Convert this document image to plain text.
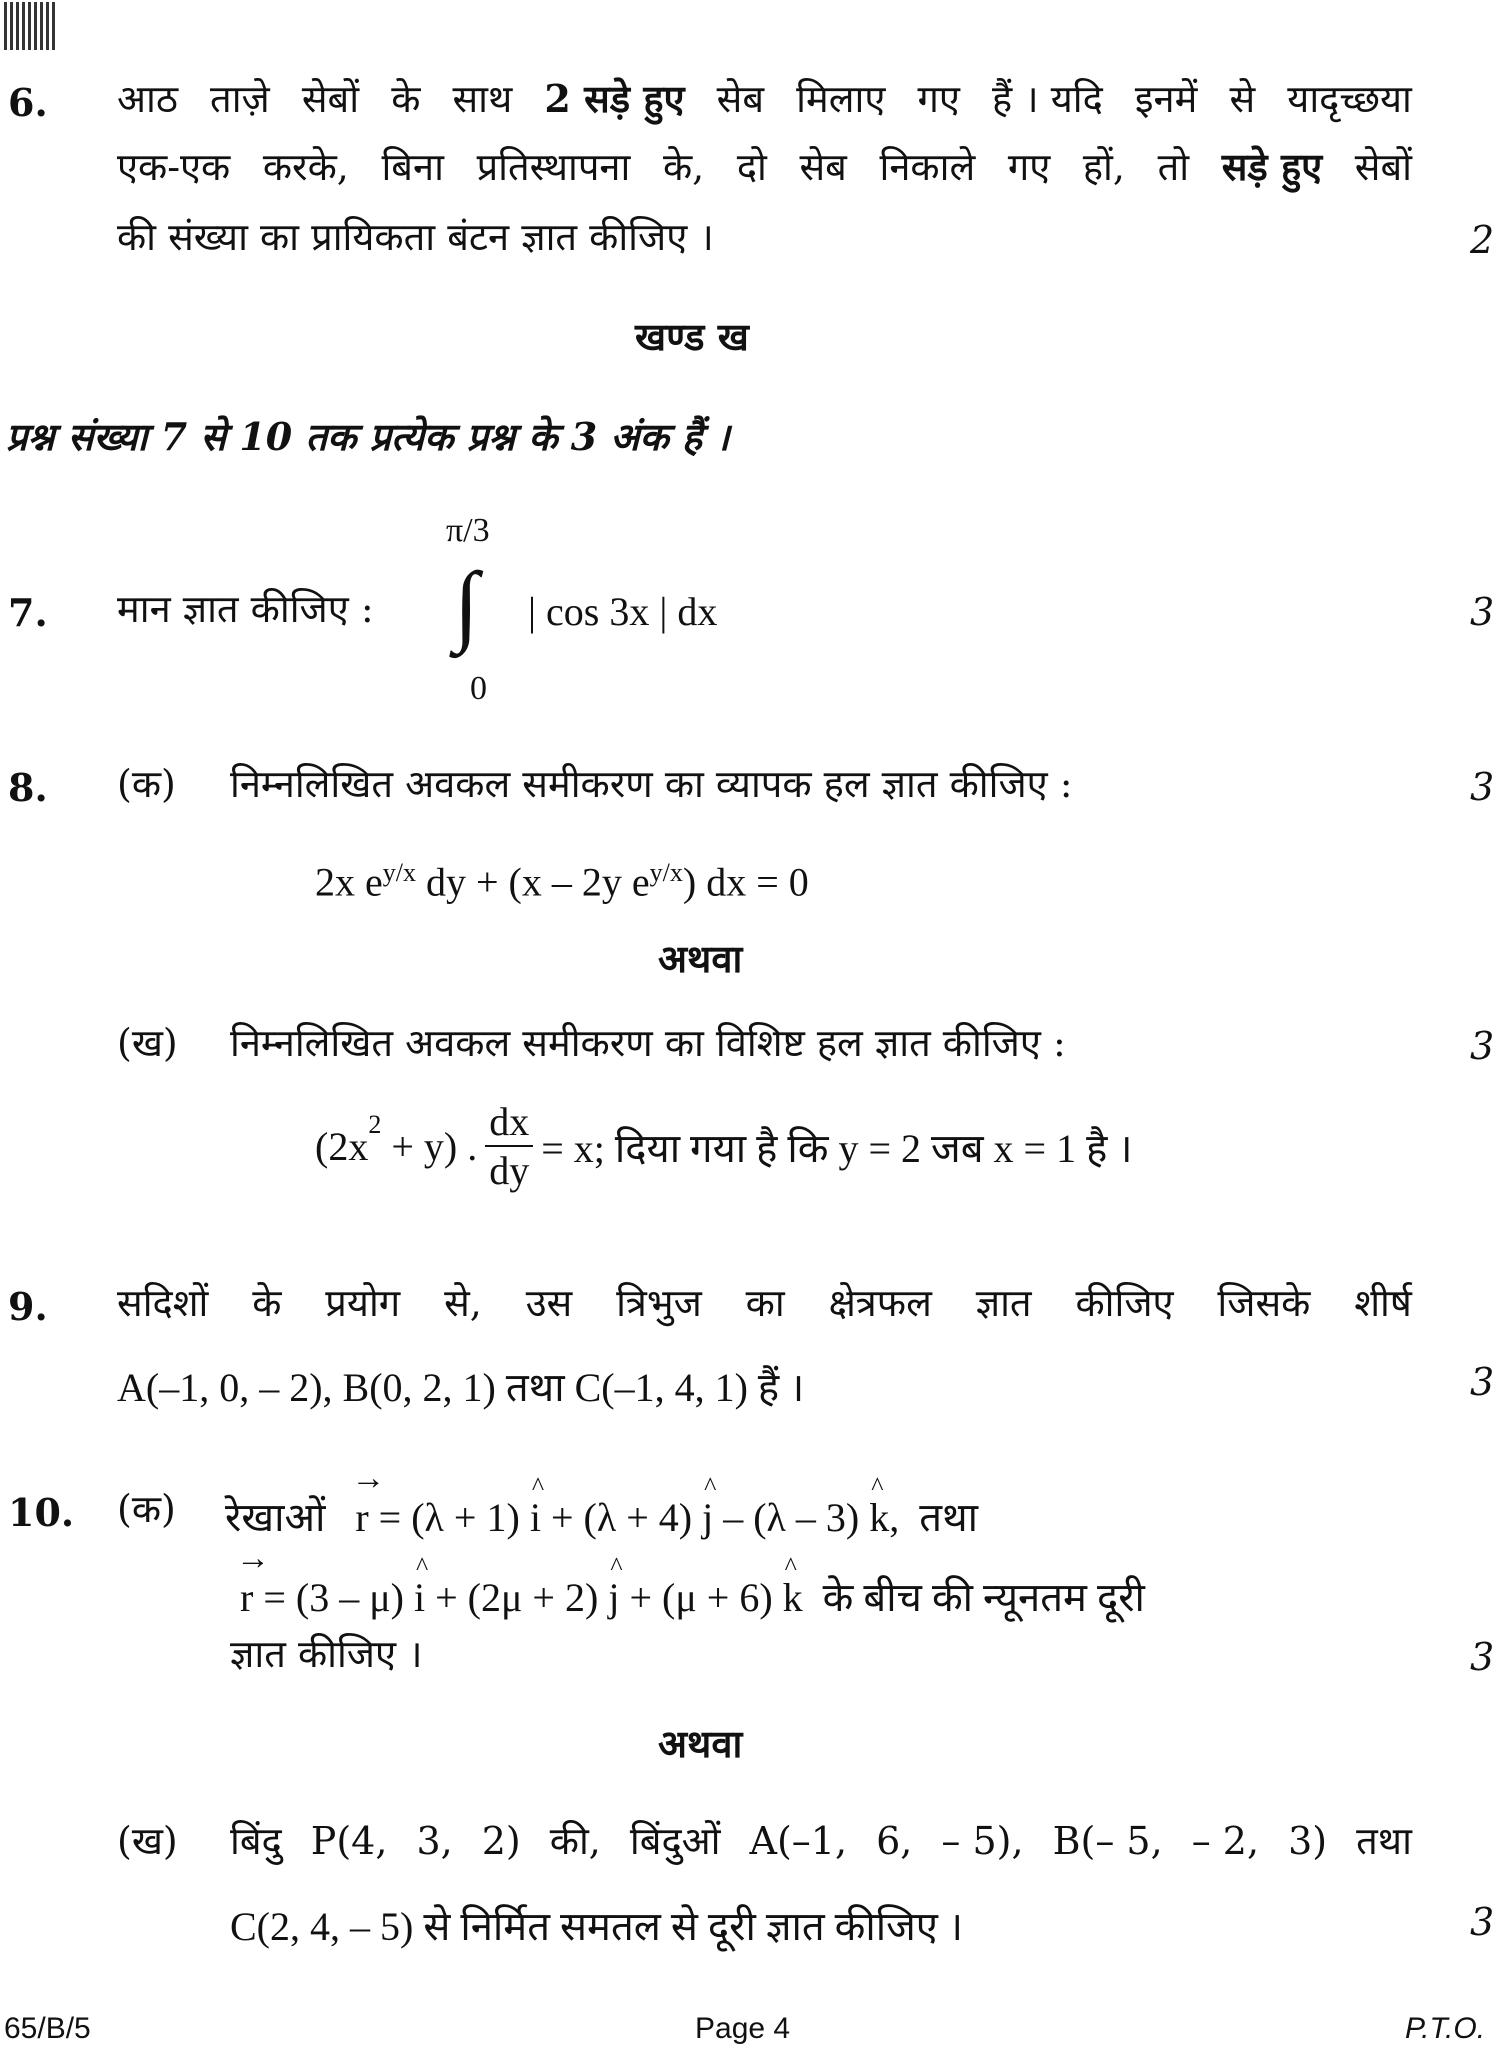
6. आठ ताज़े सेबों के साथ 2 सड़े हुए सेब मिलाए गए हैं । यदि इनमें से यादृच्छया
एक-एक करके, बिना प्रतिस्थापना के, दो सेब निकाले गए हों, तो सड़े हुए सेबों
की संख्या का प्रायिकता बंटन ज्ञात कीजिए ।	2
खण्ड ख
प्रश्न संख्या 7 से 10 तक प्रत्येक प्रश्न के 3 अंक हैं ।
7. मान ज्ञात कीजिए :
π/3
∫
0
| cos 3x | dx	3
8. (क) निम्नलिखित अवकल समीकरण का व्यापक हल ज्ञात कीजिए :	3
2x $e^{y/x}$ dy + (x – 2y $e^{y/x}$) dx = 0
अथवा
(ख) निम्नलिखित अवकल समीकरण का विशिष्ट हल ज्ञात कीजिए :	3
$(2x^2 + y)$ . $\frac{dx}{dy} = x$; दिया गया है कि y = 2 जब x = 1 है ।
9. सदिशों के प्रयोग से, उस त्रिभुज का क्षेत्रफल ज्ञात कीजिए जिसके शीर्ष
A(–1, 0, – 2), B(0, 2, 1) तथा C(–1, 4, 1) हैं ।	3
10. (क) रेखाओं → r = (λ + 1) ^ i + (λ + 4) ^ j – (λ – 3) ^ k,  तथा
→ r = (3 – μ) ^ i + (2μ + 2) ^ j + (μ + 6) ^ k  के बीच की न्यूनतम दूरी
ज्ञात कीजिए ।	3
अथवा
(ख) बिंदु P(4, 3, 2) की, बिंदुओं A(–1, 6, – 5), B(– 5, – 2, 3) तथा
C(2, 4, – 5) से निर्मित समतल से दूरी ज्ञात कीजिए ।	3
65/B/5	Page 4	P.T.O.
